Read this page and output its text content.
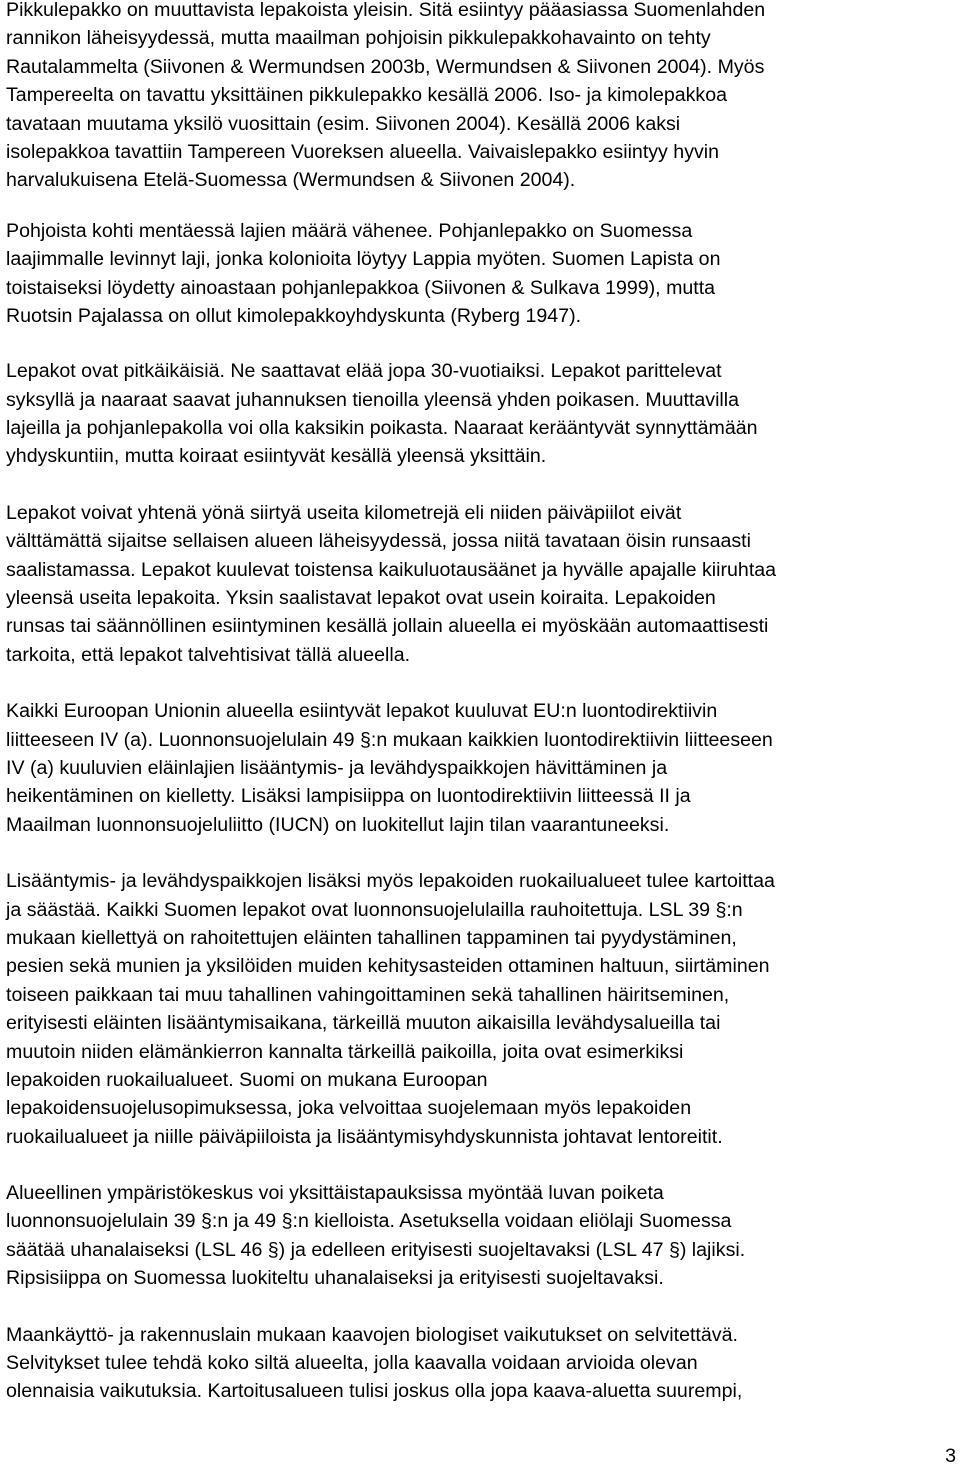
Pikkulepakko on muuttavista lepakoista yleisin. Sitä esiintyy pääasiassa Suomenlahden
rannikon läheisyydessä, mutta maailman pohjoisin pikkulepakkohavainto on tehty
Rautalammelta (Siivonen & Wermundsen 2003b, Wermundsen & Siivonen 2004). Myös
Tampereelta on tavattu yksittäinen pikkulepakko kesällä 2006. Iso- ja kimolepakkoa
tavataan muutama yksilö vuosittain (esim. Siivonen 2004). Kesällä 2006 kaksi
isolepakkoa tavattiin Tampereen Vuoreksen alueella. Vaivaislepakko esiintyy hyvin
harvalukuisena Etelä-Suomessa (Wermundsen & Siivonen 2004).

Pohjoista kohti mentäessä lajien määrä vähenee. Pohjanlepakko on Suomessa
laajimmalle levinnyt laji, jonka kolonioita löytyy Lappia myöten. Suomen Lapista on
toistaiseksi löydetty ainoastaan pohjanlepakkoa (Siivonen & Sulkava 1999), mutta
Ruotsin Pajalassa on ollut kimolepakkoyhdyskunta (Ryberg 1947).

Lepakot ovat pitkäikäisiä. Ne saattavat elää jopa 30-vuotiaiksi. Lepakot parittelevat
syksyllä ja naaraat saavat juhannuksen tienoilla yleensä yhden poikasen. Muuttavilla
lajeilla ja pohjanlepakolla voi olla kaksikin poikasta. Naaraat kerääntyvät synnyttämään
yhdyskuntiin, mutta koiraat esiintyvät kesällä yleensä yksittäin.

Lepakot voivat yhtenä yönä siirtyä useita kilometrejä eli niiden päiväpiilot eivät
välttämättä sijaitse sellaisen alueen läheisyydessä, jossa niitä tavataan öisin runsaasti
saalistamassa. Lepakot kuulevat toistensa kaikuluotausäänet ja hyvälle apajalle kiiruhtaa
yleensä useita lepakoita. Yksin saalistavat lepakot ovat usein koiraita. Lepakoiden
runsas tai säännöllinen esiintyminen kesällä jollain alueella ei myöskään automaattisesti
tarkoita, että lepakot talvehtisivat tällä alueella.

Kaikki Euroopan Unionin alueella esiintyvät lepakot kuuluvat EU:n luontodirektiivin
liitteeseen IV (a). Luonnonsuojelulain 49 §:n mukaan kaikkien luontodirektiivin liitteeseen
IV (a) kuuluvien eläinlajien lisääntymis- ja levähdyspaikkojen hävittäminen ja
heikentäminen on kielletty. Lisäksi lampisiippa on luontodirektiivin liitteessä II ja
Maailman luonnonsuojeluliitto (IUCN) on luokitellut lajin tilan vaarantuneeksi.

Lisääntymis- ja levähdyspaikkojen lisäksi myös lepakoiden ruokailualueet tulee kartoittaa
ja säästää. Kaikki Suomen lepakot ovat luonnonsuojelulailla rauhoitettuja. LSL 39 §:n
mukaan kiellettyä on rahoitettujen eläinten tahallinen tappaminen tai pyydystäminen,
pesien sekä munien ja yksilöiden muiden kehitysasteiden ottaminen haltuun, siirtäminen
toiseen paikkaan tai muu tahallinen vahingoittaminen sekä tahallinen häiritseminen,
erityisesti eläinten lisääntymisaikana, tärkeillä muuton aikaisilla levähdysalueilla tai
muutoin niiden elämänkierron kannalta tärkeillä paikoilla, joita ovat esimerkiksi
lepakoiden ruokailualueet. Suomi on mukana Euroopan
lepakoidensuojelusopimuksessa, joka velvoittaa suojelemaan myös lepakoiden
ruokailualueet ja niille päiväpiiloista ja lisääntymisyhdyskunnista johtavat lentoreitit.

Alueellinen ympäristökeskus voi yksittäistapauksissa myöntää luvan poiketa
luonnonsuojelulain 39 §:n ja 49 §:n kielloista. Asetuksella voidaan eliölaji Suomessa
säätää uhanalaiseksi (LSL 46 §) ja edelleen erityisesti suojeltavaksi (LSL 47 §) lajiksi.
Ripsisiippa on Suomessa luokiteltu uhanalaiseksi ja erityisesti suojeltavaksi.

Maankäyttö- ja rakennuslain mukaan kaavojen biologiset vaikutukset on selvitettävä.
Selvitykset tulee tehdä koko siltä alueelta, jolla kaavalla voidaan arvioida olevan
olennaisia vaikutuksia. Kartoitusalueen tulisi joskus olla jopa kaava-aluetta suurempi,

3
